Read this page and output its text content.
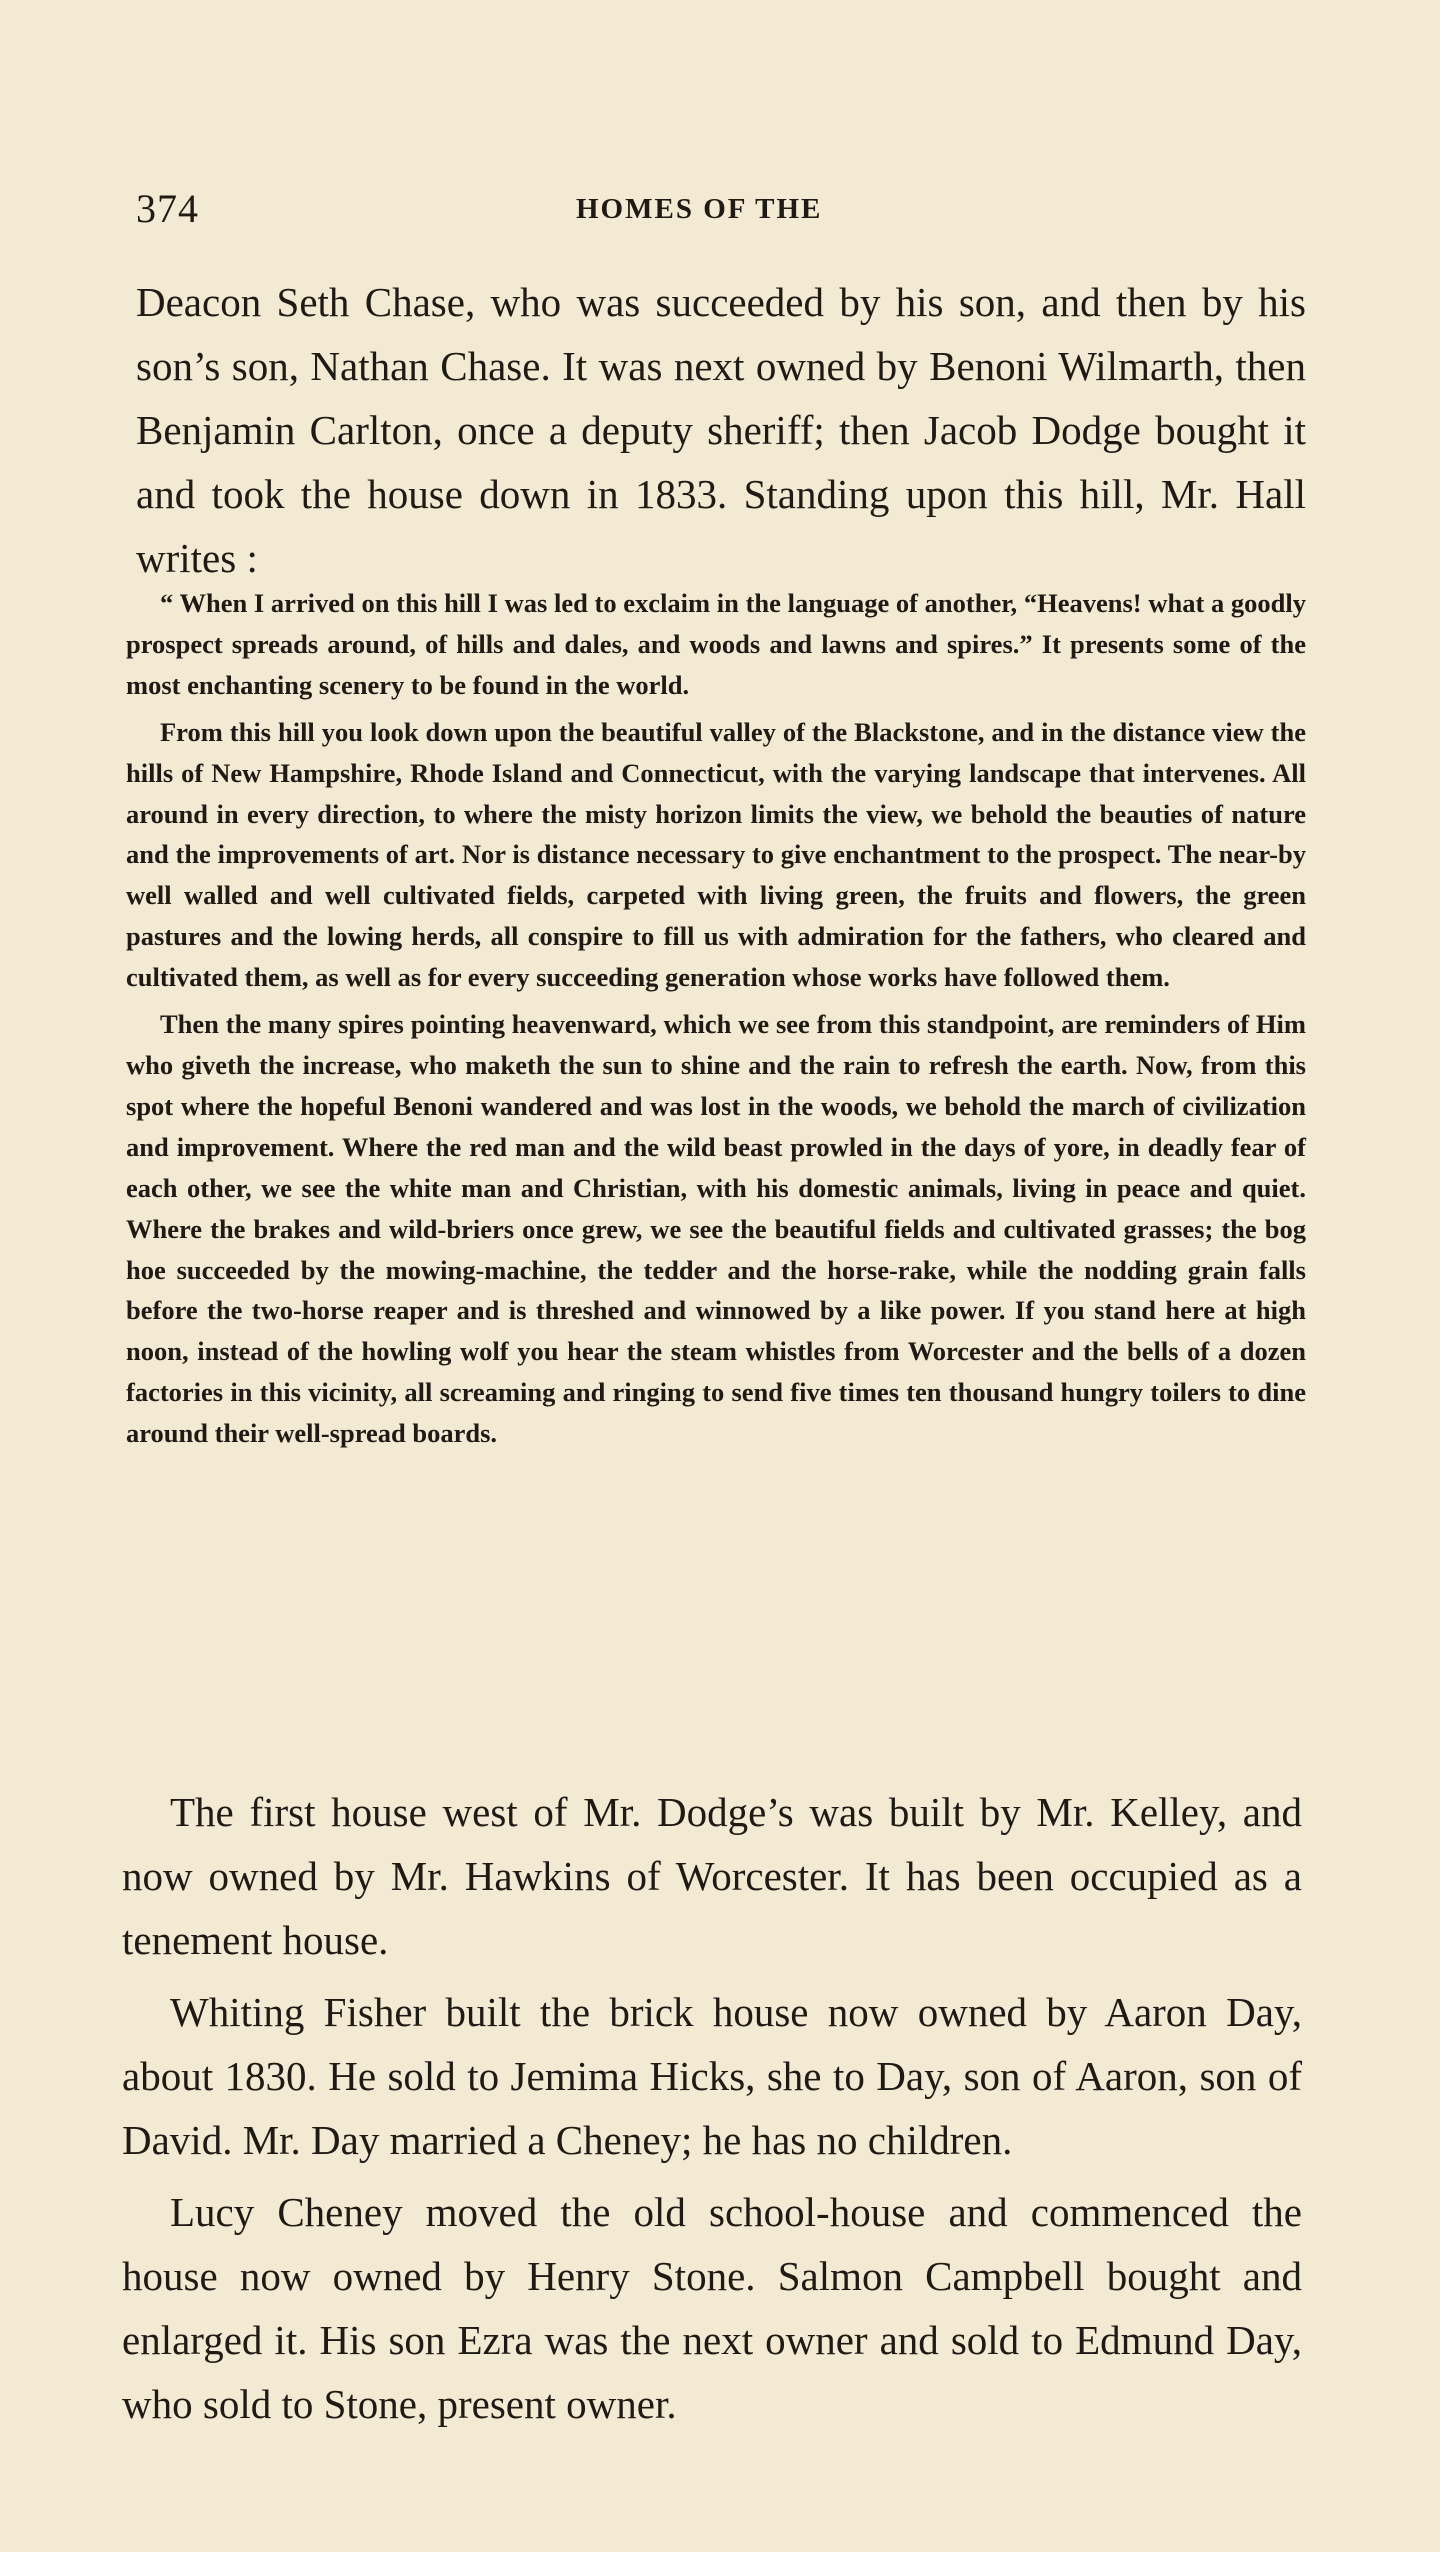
374	HOMES OF THE

Deacon Seth Chase, who was succeeded by his son, and then by his son’s son, Nathan Chase. It was next owned by Benoni Wilmarth, then Benjamin Carlton, once a deputy sheriff; then Jacob Dodge bought it and took the house down in 1833. Standing upon this hill, Mr. Hall writes :

“ When I arrived on this hill I was led to exclaim in the language of another, “Heavens! what a goodly prospect spreads around, of hills and dales, and woods and lawns and spires.” It presents some of the most enchanting scenery to be found in the world.

From this hill you look down upon the beautiful valley of the Blackstone, and in the distance view the hills of New Hampshire, Rhode Island and Connecticut, with the varying landscape that intervenes. All around in every direction, to where the misty horizon limits the view, we behold the beauties of nature and the improvements of art. Nor is distance necessary to give enchantment to the prospect. The near-by well walled and well cultivated fields, carpeted with living green, the fruits and flowers, the green pastures and the lowing herds, all conspire to fill us with admiration for the fathers, who cleared and cultivated them, as well as for every succeeding generation whose works have followed them.

Then the many spires pointing heavenward, which we see from this standpoint, are reminders of Him who giveth the increase, who maketh the sun to shine and the rain to refresh the earth. Now, from this spot where the hopeful Benoni wandered and was lost in the woods, we behold the march of civilization and improvement. Where the red man and the wild beast prowled in the days of yore, in deadly fear of each other, we see the white man and Christian, with his domestic animals, living in peace and quiet. Where the brakes and wild-briers once grew, we see the beautiful fields and cultivated grasses; the bog hoe succeeded by the mowing-machine, the tedder and the horse-rake, while the nodding grain falls before the two-horse reaper and is threshed and winnowed by a like power. If you stand here at high noon, instead of the howling wolf you hear the steam whistles from Worcester and the bells of a dozen factories in this vicinity, all screaming and ringing to send five times ten thousand hungry toilers to dine around their well-spread boards.

The first house west of Mr. Dodge’s was built by Mr. Kelley, and now owned by Mr. Hawkins of Worcester. It has been occupied as a tenement house.

Whiting Fisher built the brick house now owned by Aaron Day, about 1830. He sold to Jemima Hicks, she to Day, son of Aaron, son of David. Mr. Day married a Cheney; he has no children.

Lucy Cheney moved the old school-house and commenced the house now owned by Henry Stone. Salmon Campbell bought and enlarged it. His son Ezra was the next owner and sold to Edmund Day, who sold to Stone, present owner.
